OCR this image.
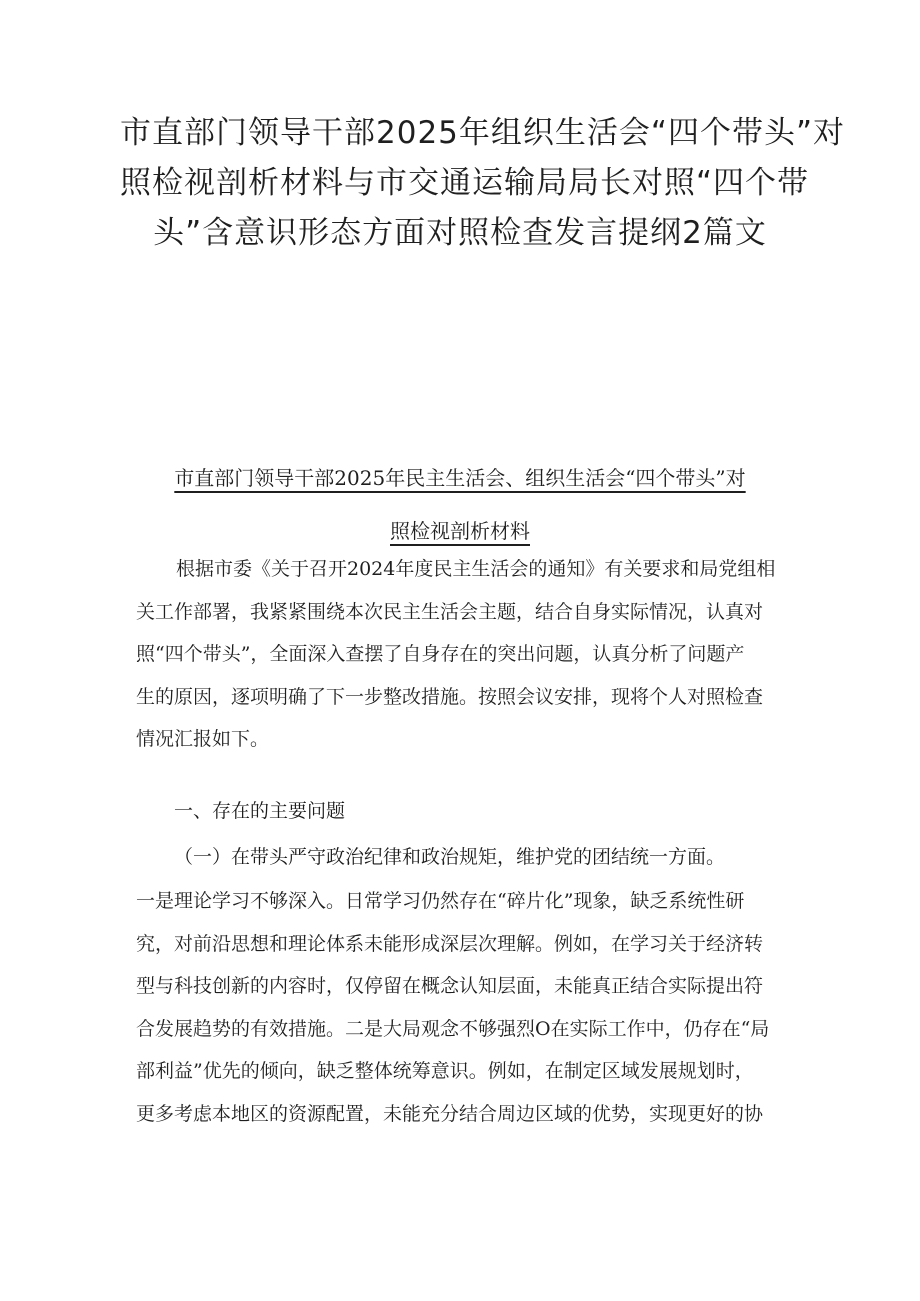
市直部门领导干部2025年组织生活会“四个带头”对
照检视剖析材料与市交通运输局局长对照“四个带
头”含意识形态方面对照检查发言提纲2篇文
市直部门领导干部2025年民主生活会、组织生活会“四个带头”对
照检视剖析材料
根据市委《关于召开2024年度民主生活会的通知》有关要求和局党组相
关工作部署，我紧紧围绕本次民主生活会主题，结合自身实际情况，认真对
照“四个带头”，全面深入查摆了自身存在的突出问题，认真分析了问题产
生的原因，逐项明确了下一步整改措施。按照会议安排，现将个人对照检查
情况汇报如下。
一、存在的主要问题
（一）在带头严守政治纪律和政治规矩，维护党的团结统一方面。
一是理论学习不够深入。日常学习仍然存在“碎片化”现象，缺乏系统性研
究，对前沿思想和理论体系未能形成深层次理解。例如，在学习关于经济转
型与科技创新的内容时，仅停留在概念认知层面，未能真正结合实际提出符
合发展趋势的有效措施。二是大局观念不够强烈O在实际工作中，仍存在“局
部利益”优先的倾向，缺乏整体统筹意识。例如，在制定区域发展规划时，
更多考虑本地区的资源配置，未能充分结合周边区域的优势，实现更好的协
